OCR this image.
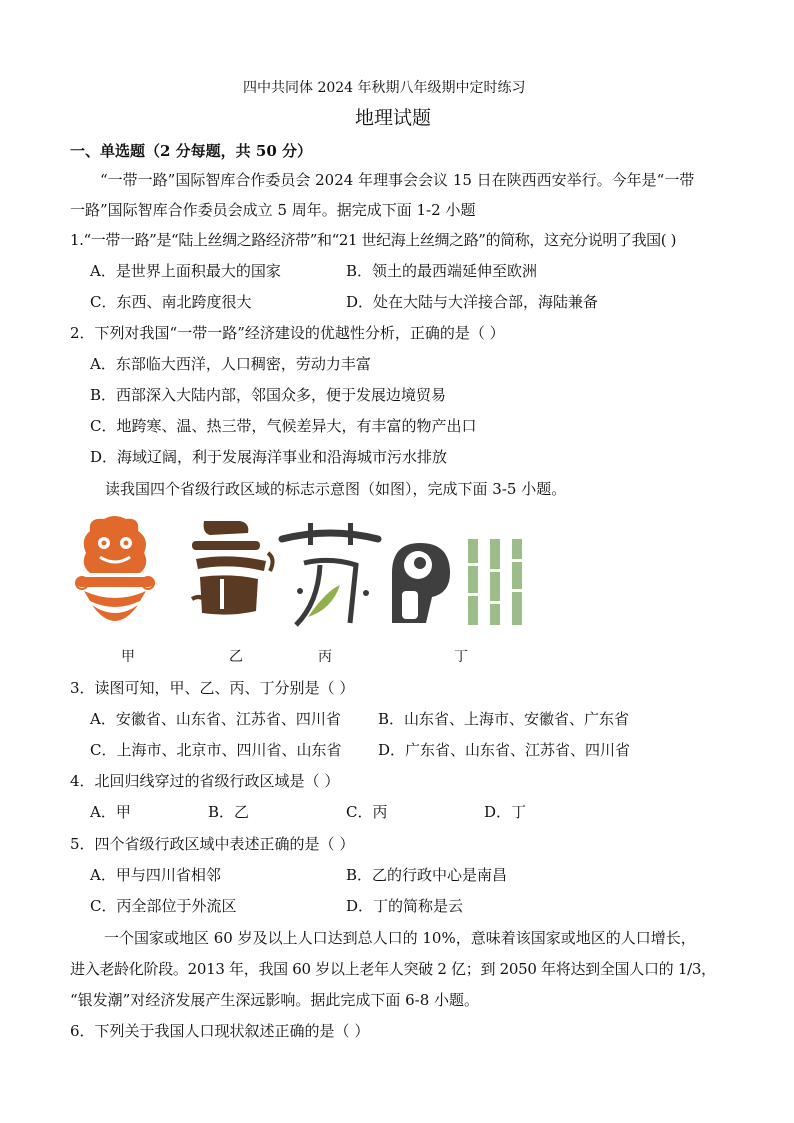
四中共同体 2024 年秋期八年级期中定时练习
地理试题
一、单选题（2 分每题，共 50 分）
“一带一路”国际智库合作委员会 2024 年理事会会议 15 日在陕西西安举行。今年是“一带
一路”国际智库合作委员会成立 5 周年。据完成下面 1-2 小题
1.“一带一路”是“陆上丝绸之路经济带”和“21 世纪海上丝绸之路”的简称，这充分说明了我国( )
A．是世界上面积最大的国家	B．领土的最西端延伸至欧洲
C．东西、南北跨度很大	D．处在大陆与大洋接合部，海陆兼备
2．下列对我国“一带一路”经济建设的优越性分析，正确的是（ ）
A．东部临大西洋，人口稠密，劳动力丰富
B．西部深入大陆内部，邻国众多，便于发展边境贸易
C．地跨寒、温、热三带，气候差异大，有丰富的物产出口
D．海域辽阔，利于发展海洋事业和沿海城市污水排放
读我国四个省级行政区域的标志示意图（如图），完成下面 3-5 小题。
甲	乙	丙	丁
3．读图可知，甲、乙、丙、丁分别是（ ）
A．安徽省、山东省、江苏省、四川省 B．山东省、上海市、安徽省、广东省
C．上海市、北京市、四川省、山东省 D．广东省、山东省、江苏省、四川省
4．北回归线穿过的省级行政区域是（ ）
A．甲	B．乙	C．丙	D．丁
5．四个省级行政区域中表述正确的是（ ）
A．甲与四川省相邻	B．乙的行政中心是南昌
C．丙全部位于外流区	D．丁的简称是云
一个国家或地区 60 岁及以上人口达到总人口的 10%，意味着该国家或地区的人口增长，
进入老龄化阶段。2013 年，我国 60 岁以上老年人突破 2 亿；到 2050 年将达到全国人口的 1/3，
“银发潮”对经济发展产生深远影响。据此完成下面 6-8 小题。
6．下列关于我国人口现状叙述正确的是（ ）
